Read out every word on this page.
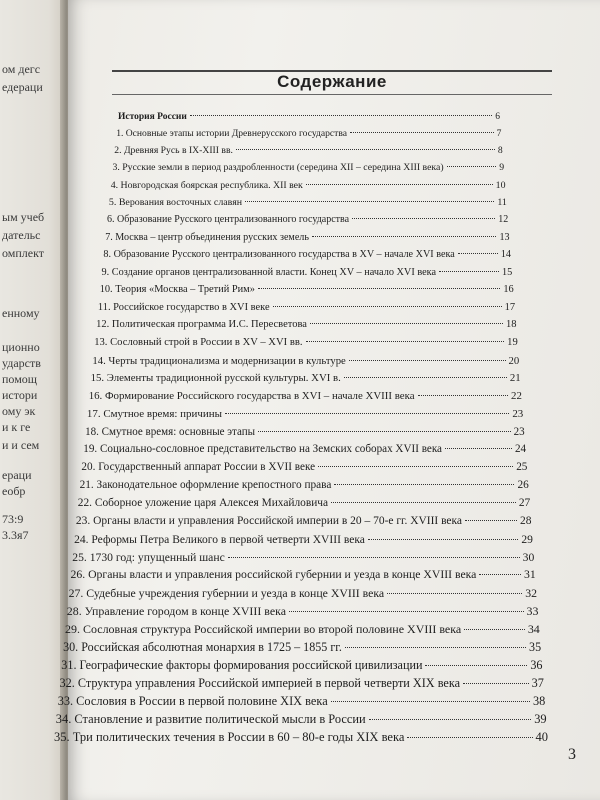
ом дегс
едераци
ым учеб
дательс
омплект
енному
ционно
ударств
помощ
истори
ому эк
и к ге
и и сем
ераци
еобр
73:9
3.3я7
Содержание
История России	6
1. Основные этапы истории Древнерусского государства	7
2. Древняя Русь в IX-XIII вв.	8
3. Русские земли в период раздробленности (середина XII – середина XIII века)	9
4. Новгородская боярская республика. XII век	10
5. Верования восточных славян	11
6. Образование Русского централизованного государства	12
7. Москва – центр объединения русских земель	13
8. Образование Русского централизованного государства в XV – начале XVI века	14
9. Создание органов централизованной власти. Конец XV – начало XVI века	15
10. Теория «Москва – Третий Рим»	16
11. Российское государство в XVI веке	17
12. Политическая программа И.С. Пересветова	18
13. Сословный строй в России в XV – XVI вв.	19
14. Черты традиционализма и модернизации в культуре	20
15. Элементы традиционной русской культуры. XVI в.	21
16. Формирование Российского государства в XVI – начале XVIII века	22
17. Смутное время: причины	23
18. Смутное время: основные этапы	23
19. Социально-сословное представительство на Земских соборах XVII века	24
20. Государственный аппарат России в XVII веке	25
21. Законодательное оформление крепостного права	26
22. Соборное уложение царя Алексея Михайловича	27
23. Органы власти и управления Российской империи в 20 – 70-е гг. XVIII века	28
24. Реформы Петра Великого в первой четверти XVIII века	29
25. 1730 год: упущенный шанс	30
26. Органы власти и управления российской губернии и уезда в конце XVIII века	31
27. Судебные учреждения губернии и уезда в конце XVIII века	32
28. Управление городом в конце XVIII века	33
29. Сословная структура Российской империи во второй половине XVIII века	34
30. Российская абсолютная монархия в 1725 – 1855 гг.	35
31. Географические факторы формирования российской цивилизации	36
32. Структура управления Российской империей в первой четверти XIX века	37
33. Сословия в России в первой половине XIX века	38
34. Становление и развитие политической мысли в России	39
35. Три политических течения в России в 60 – 80-е годы XIX века	40
3
